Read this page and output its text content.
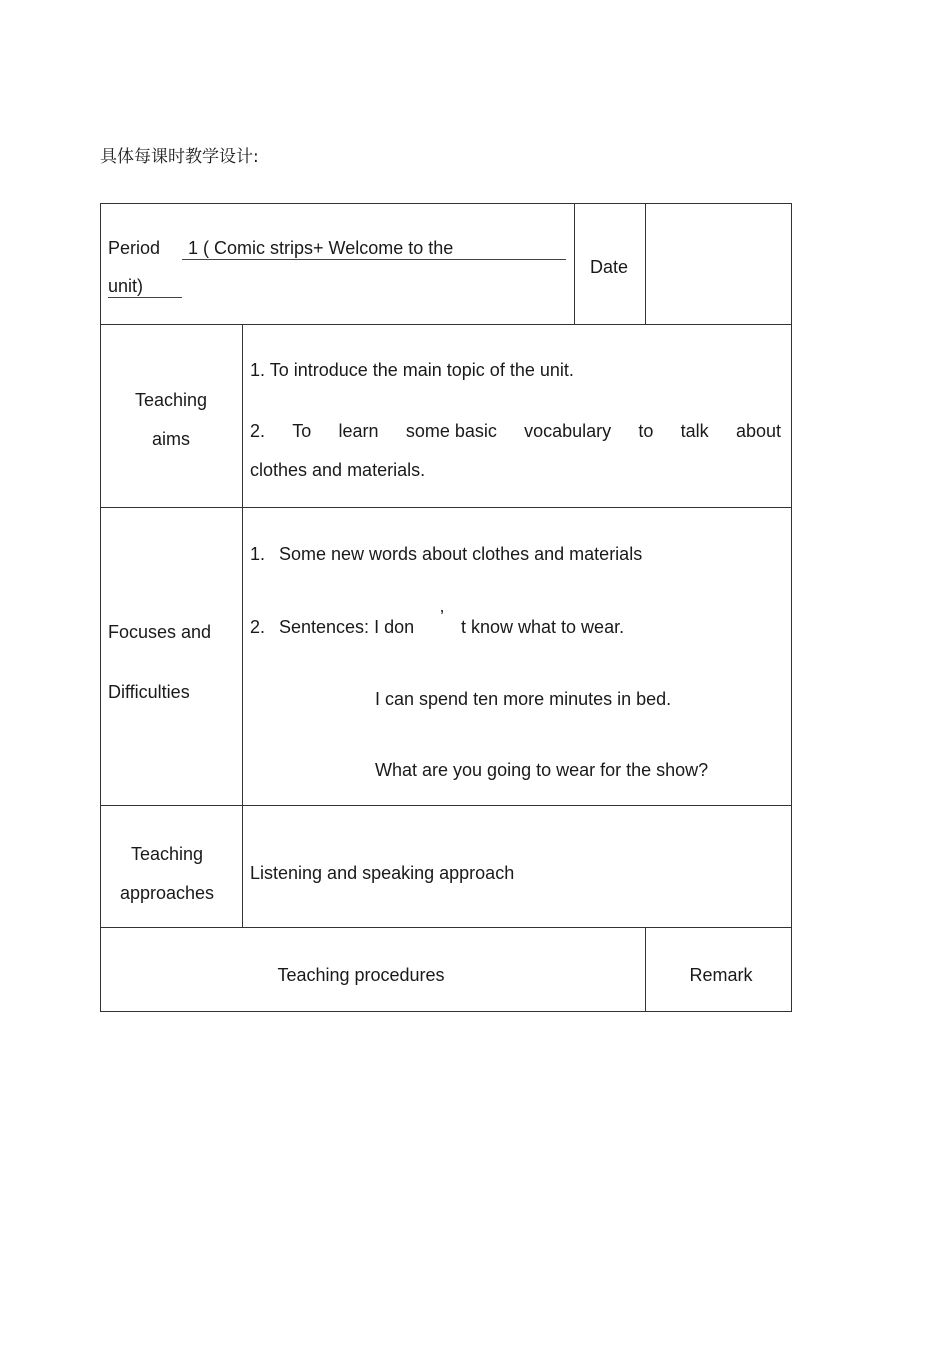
具体每课时教学设计:
Period 1 ( Comic strips+ Welcome to the
unit)
Date
Teaching
aims
1. To introduce the main topic of the unit.
2. To learn some basic vocabulary to talk about
clothes and materials.
Focuses and
Difficulties
1. Some new words about clothes and materials
2. Sentences: I don ’ t know what to wear.
I can spend ten more minutes in bed.
What are you going to wear for the show?
Teaching
approaches
Listening and speaking approach
Teaching procedures	Remark
